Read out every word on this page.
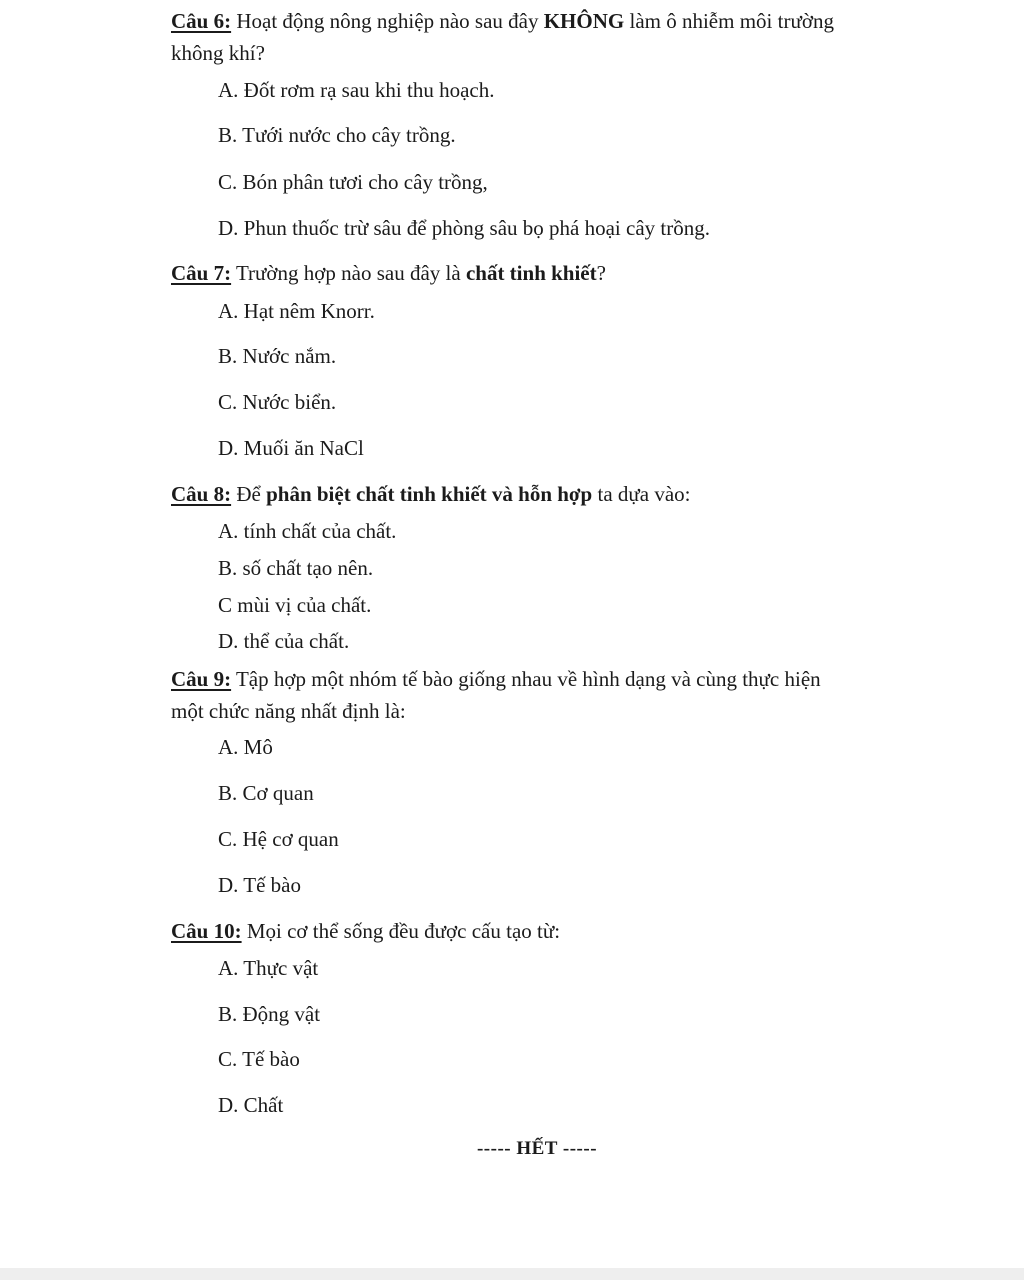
Câu 6: Hoạt động nông nghiệp nào sau đây KHÔNG làm ô nhiễm môi trường
không khí?
A. Đốt rơm rạ sau khi thu hoạch.
B. Tưới nước cho cây trồng.
C. Bón phân tươi cho cây trồng,
D. Phun thuốc trừ sâu để phòng sâu bọ phá hoại cây trồng.
Câu 7: Trường hợp nào sau đây là chất tinh khiết?
A. Hạt nêm Knorr.
B. Nước nắm.
C. Nước biển.
D. Muối ăn NaCl
Câu 8: Để phân biệt chất tinh khiết và hỗn hợp ta dựa vào:
A. tính chất của chất.
B. số chất tạo nên.
C mùi vị của chất.
D. thể của chất.
Câu 9: Tập hợp một nhóm tế bào giống nhau về hình dạng và cùng thực hiện
một chức năng nhất định là:
A. Mô
B. Cơ quan
C. Hệ cơ quan
D. Tế bào
Câu 10: Mọi cơ thể sống đều được cấu tạo từ:
A. Thực vật
B. Động vật
C. Tế bào
D. Chất
----- HẾT -----
